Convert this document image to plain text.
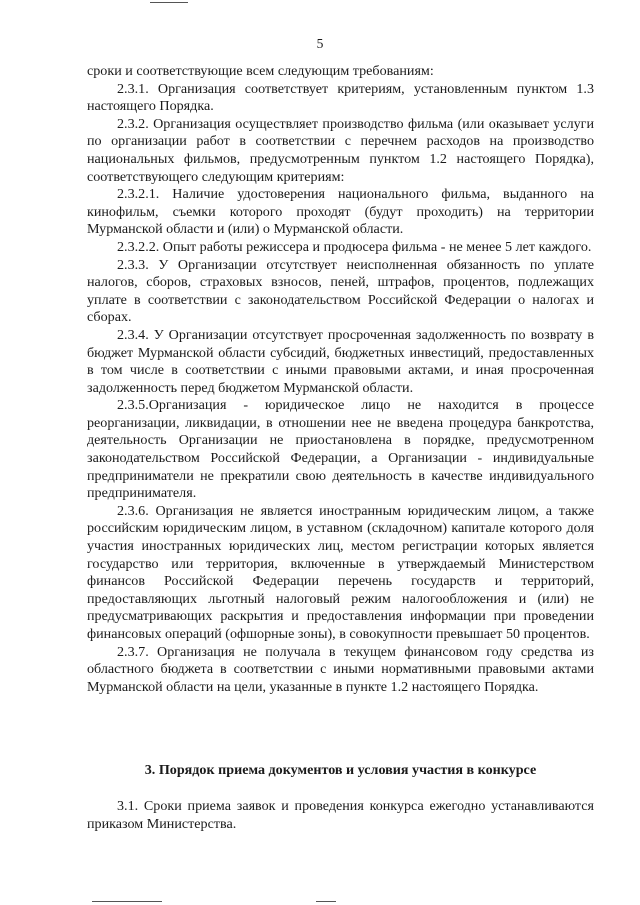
5

сроки и соответствующие всем следующим требованиям:

2.3.1. Организация соответствует критериям, установленным пунктом 1.3 настоящего Порядка.

2.3.2. Организация осуществляет производство фильма (или оказывает услуги по организации работ в соответствии с перечнем расходов на производство национальных фильмов, предусмотренным пунктом 1.2 настоящего Порядка), соответствующего следующим критериям:

2.3.2.1. Наличие удостоверения национального фильма, выданного на кинофильм, съемки которого проходят (будут проходить) на территории Мурманской области и (или) о Мурманской области.

2.3.2.2. Опыт работы режиссера и продюсера фильма - не менее 5 лет каждого.

2.3.3. У Организации отсутствует неисполненная обязанность по уплате налогов, сборов, страховых взносов, пеней, штрафов, процентов, подлежащих уплате в соответствии с законодательством Российской Федерации о налогах и сборах.

2.3.4. У Организации отсутствует просроченная задолженность по возврату в бюджет Мурманской области субсидий, бюджетных инвестиций, предоставленных в том числе в соответствии с иными правовыми актами, и иная просроченная задолженность перед бюджетом Мурманской области.

2.3.5.Организация - юридическое лицо не находится в процессе реорганизации, ликвидации, в отношении нее не введена процедура банкротства, деятельность Организации не приостановлена в порядке, предусмотренном законодательством Российской Федерации, а Организации - индивидуальные предприниматели не прекратили свою деятельность в качестве индивидуального предпринимателя.

2.3.6. Организация не является иностранным юридическим лицом, а также российским юридическим лицом, в уставном (складочном) капитале которого доля участия иностранных юридических лиц, местом регистрации которых является государство или территория, включенные в утверждаемый Министерством финансов Российской Федерации перечень государств и территорий, предоставляющих льготный налоговый режим налогообложения и (или) не предусматривающих раскрытия и предоставления информации при проведении финансовых операций (офшорные зоны), в совокупности превышает 50 процентов.

2.3.7. Организация не получала в текущем финансовом году средства из областного бюджета в соответствии с иными нормативными правовыми актами Мурманской области на цели, указанные в пункте 1.2 настоящего Порядка.

3. Порядок приема документов и условия участия в конкурсе

3.1. Сроки приема заявок и проведения конкурса ежегодно устанавливаются приказом Министерства.
